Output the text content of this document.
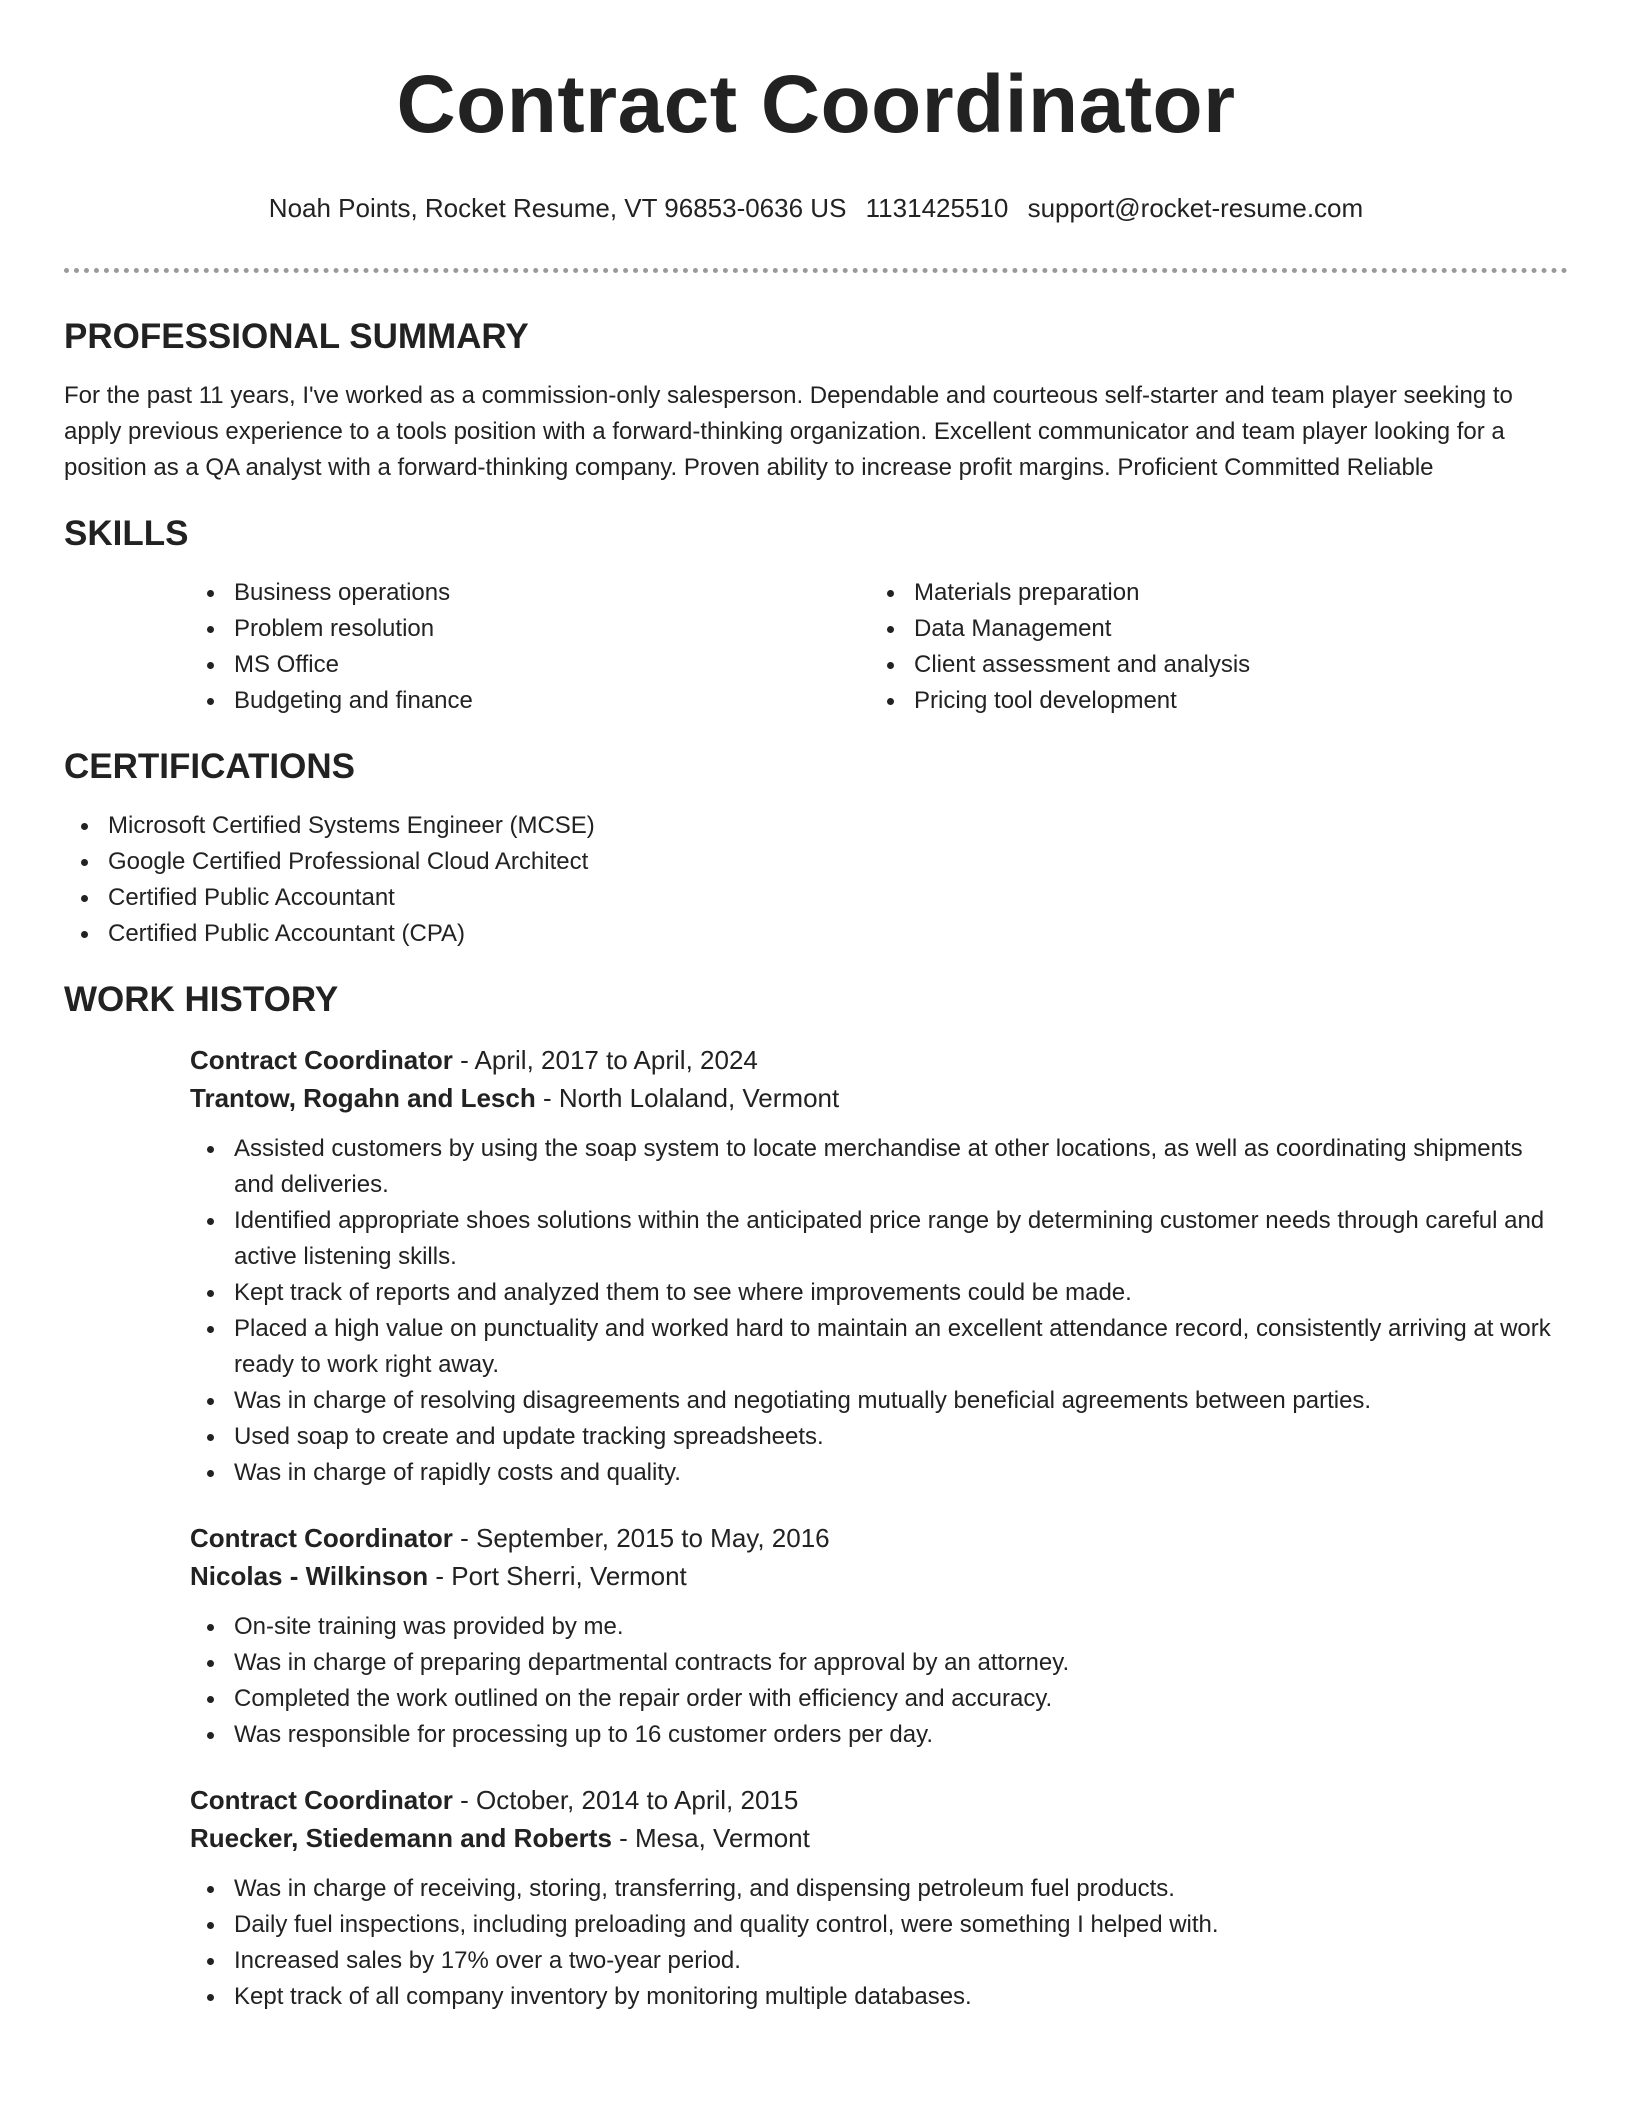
Contract Coordinator
Noah Points, Rocket Resume, VT 96853-0636 US 1131425510 support@rocket-resume.com
PROFESSIONAL SUMMARY

For the past 11 years, I've worked as a commission-only salesperson. Dependable and courteous self-starter and team player seeking to apply previous experience to a tools position with a forward-thinking organization. Excellent communicator and team player looking for a position as a QA analyst with a forward-thinking company. Proven ability to increase profit margins. Proficient Committed Reliable

SKILLS
Business operations
Problem resolution
MS Office
Budgeting and finance
Materials preparation
Data Management
Client assessment and analysis
Pricing tool development
CERTIFICATIONS
Microsoft Certified Systems Engineer (MCSE)
Google Certified Professional Cloud Architect
Certified Public Accountant
Certified Public Accountant (CPA)
WORK HISTORY
Contract Coordinator - April, 2017 to April, 2024
Trantow, Rogahn and Lesch - North Lolaland, Vermont
Assisted customers by using the soap system to locate merchandise at other locations, as well as coordinating shipments and deliveries.
Identified appropriate shoes solutions within the anticipated price range by determining customer needs through careful and active listening skills.
Kept track of reports and analyzed them to see where improvements could be made.
Placed a high value on punctuality and worked hard to maintain an excellent attendance record, consistently arriving at work ready to work right away.
Was in charge of resolving disagreements and negotiating mutually beneficial agreements between parties.
Used soap to create and update tracking spreadsheets.
Was in charge of rapidly costs and quality.
Contract Coordinator - September, 2015 to May, 2016
Nicolas - Wilkinson - Port Sherri, Vermont
On-site training was provided by me.
Was in charge of preparing departmental contracts for approval by an attorney.
Completed the work outlined on the repair order with efficiency and accuracy.
Was responsible for processing up to 16 customer orders per day.
Contract Coordinator - October, 2014 to April, 2015
Ruecker, Stiedemann and Roberts - Mesa, Vermont
Was in charge of receiving, storing, transferring, and dispensing petroleum fuel products.
Daily fuel inspections, including preloading and quality control, were something I helped with.
Increased sales by 17% over a two-year period.
Kept track of all company inventory by monitoring multiple databases.
